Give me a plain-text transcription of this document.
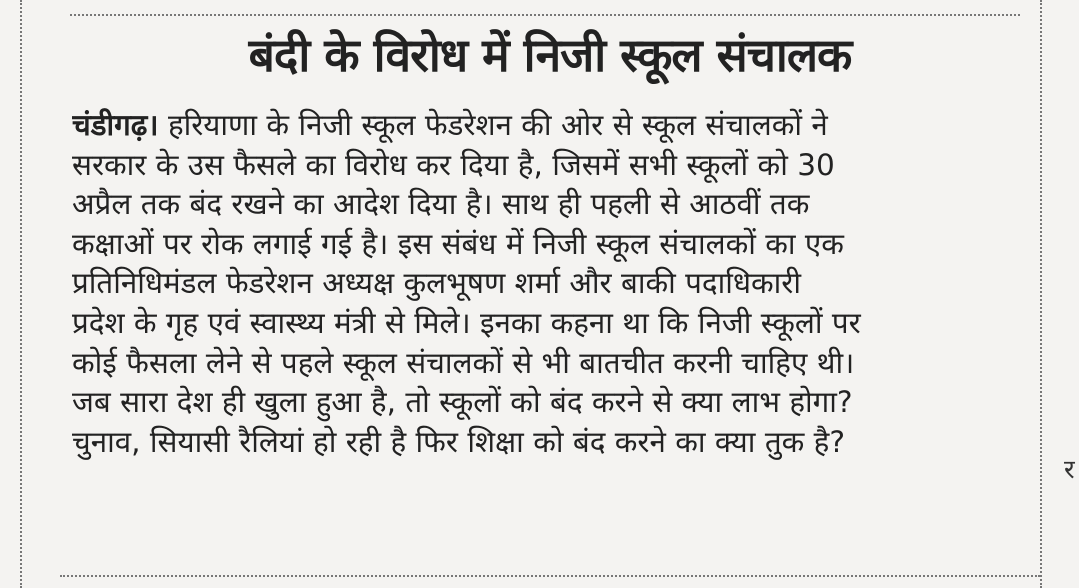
बंदी के विरोध में निजी स्कूल संचालक
चंडीगढ़। हरियाणा के निजी स्कूल फेडरेशन की ओर से स्कूल संचालकों ने
सरकार के उस फैसले का विरोध कर दिया है, जिसमें सभी स्कूलों को 30
अप्रैल तक बंद रखने का आदेश दिया है। साथ ही पहली से आठवीं तक
कक्षाओं पर रोक लगाई गई है। इस संबंध में निजी स्कूल संचालकों का एक
प्रतिनिधिमंडल फेडरेशन अध्यक्ष कुलभूषण शर्मा और बाकी पदाधिकारी
प्रदेश के गृह एवं स्वास्थ्य मंत्री से मिले। इनका कहना था कि निजी स्कूलों पर
कोई फैसला लेने से पहले स्कूल संचालकों से भी बातचीत करनी चाहिए थी।
जब सारा देश ही खुला हुआ है, तो स्कूलों को बंद करने से क्या लाभ होगा?
चुनाव, सियासी रैलियां हो रही है फिर शिक्षा को बंद करने का क्या तुक है?
र
